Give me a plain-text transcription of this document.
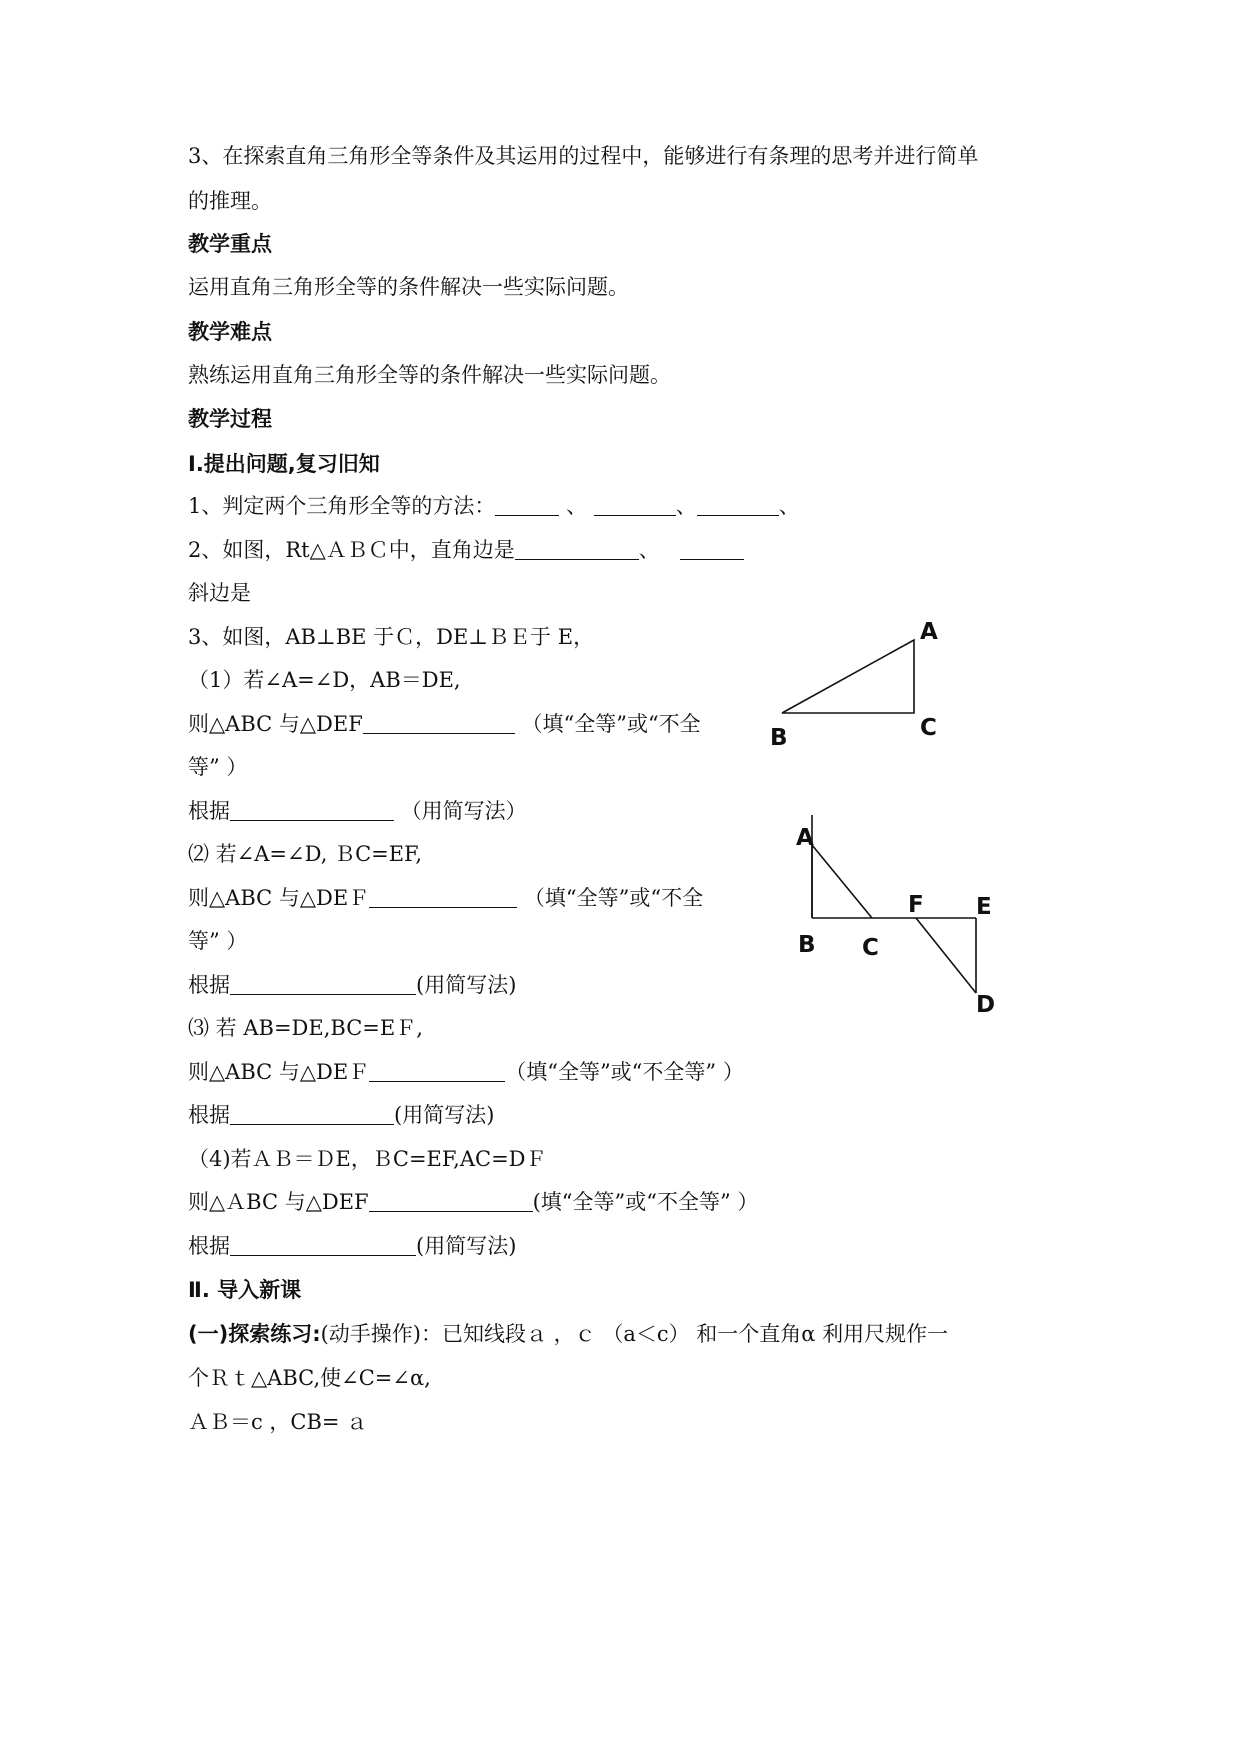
3、在探索直角三角形全等条件及其运用的过程中，能够进行有条理的思考并进行简单

的推理。

教学重点

运用直角三角形全等的条件解决一些实际问题。

教学难点

熟练运用直角三角形全等的条件解决一些实际问题。

教学过程

Ⅰ.提出问题,复习旧知

1、判定两个三角形全等的方法：	、	、	、

2、如图，Rt△ＡＢＣ中，直角边是	、

斜边是

3、如图，AB⊥BE 于Ｃ，DE⊥ＢＥ于 E，

（1）若∠A=∠D，AB＝DE,

则△ABC 与△DEF	（填“全等”或“不全

等” ）

根据	（用简写法）

⑵ 若∠A=∠D, ＢC=EF,

则△ABC 与△DEＦ	（填“全等”或“不全

等” ）

根据	(用简写法)

⑶ 若 AB=DE,BC=EＦ,

则△ABC 与△DEＦ	（填“全等”或“不全等” ）

根据	(用简写法)

（4)若ＡＢ＝ＤE，ＢC=EF,AC=DＦ

则△ＡBC 与△DEF	(填“全等”或“不全等” ）

根据	(用简写法)

Ⅱ. 导入新课

(一)探索练习:(动手操作)：已知线段ａ ，ｃ （a＜c） 和一个直角α 利用尺规作一

个Ｒｔ△ABC,使∠C=∠α,

ＡＢ＝c ，CB= ａ

A
B	C
A
B C
F E
D
